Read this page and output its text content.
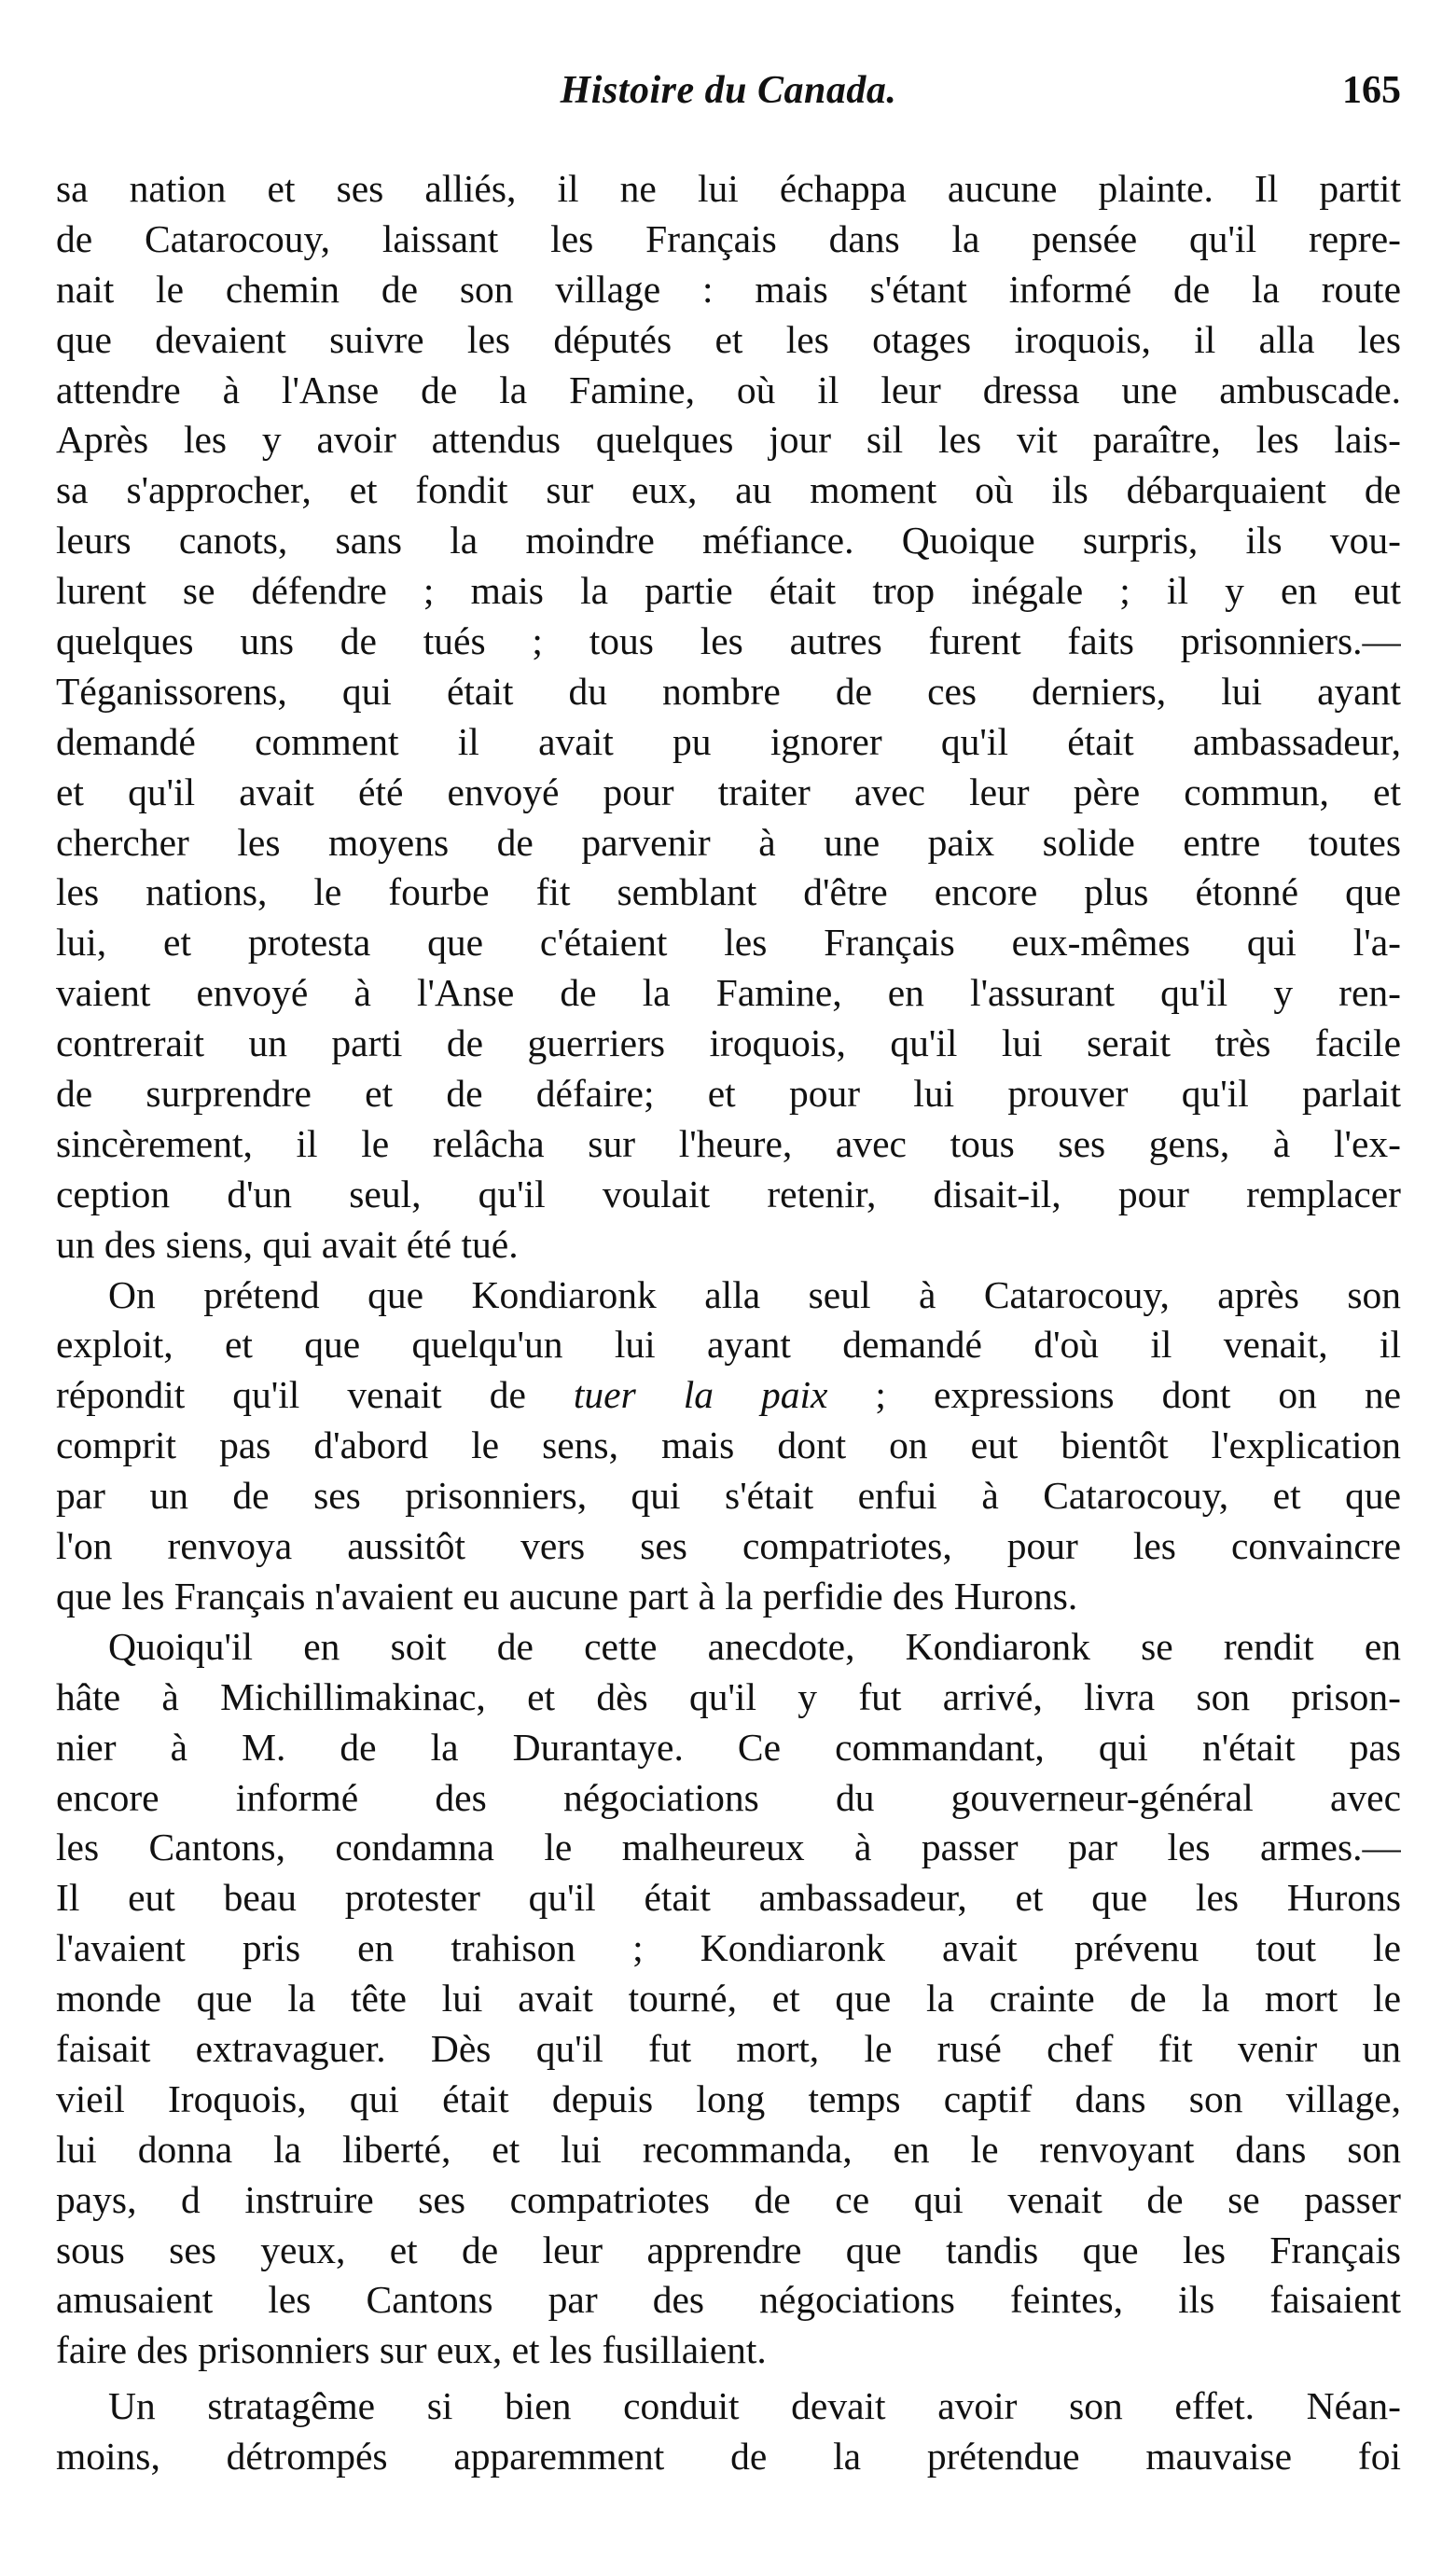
Histoire du Canada.	165
sa nation et ses alliés, il ne lui échappa aucune plainte. Il partit
de Catarocouy, laissant les Français dans la pensée qu'il repre-
nait le chemin de son village : mais s'étant informé de la route
que devaient suivre les députés et les otages iroquois, il alla les
attendre à l'Anse de la Famine, où il leur dressa une ambuscade.
Après les y avoir attendus quelques jour sil les vit paraître, les lais-
sa s'approcher, et fondit sur eux, au moment où ils débarquaient de
leurs canots, sans la moindre méfiance. Quoique surpris, ils vou-
lurent se défendre ; mais la partie était trop inégale ; il y en eut
quelques uns de tués ; tous les autres furent faits prisonniers.—
Téganissorens, qui était du nombre de ces derniers, lui ayant
demandé comment il avait pu ignorer qu'il était ambassadeur,
et qu'il avait été envoyé pour traiter avec leur père commun, et
chercher les moyens de parvenir à une paix solide entre toutes
les nations, le fourbe fit semblant d'être encore plus étonné que
lui, et protesta que c'étaient les Français eux-mêmes qui l'a-
vaient envoyé à l'Anse de la Famine, en l'assurant qu'il y ren-
contrerait un parti de guerriers iroquois, qu'il lui serait très facile
de surprendre et de défaire; et pour lui prouver qu'il parlait
sincèrement, il le relâcha sur l'heure, avec tous ses gens, à l'ex-
ception d'un seul, qu'il voulait retenir, disait-il, pour remplacer
un des siens, qui avait été tué.
On prétend que Kondiaronk alla seul à Catarocouy, après son
exploit, et que quelqu'un lui ayant demandé d'où il venait, il
répondit qu'il venait de tuer la paix ; expressions dont on ne
comprit pas d'abord le sens, mais dont on eut bientôt l'explication
par un de ses prisonniers, qui s'était enfui à Catarocouy, et que
l'on renvoya aussitôt vers ses compatriotes, pour les convaincre
que les Français n'avaient eu aucune part à la perfidie des Hurons.
Quoiqu'il en soit de cette anecdote, Kondiaronk se rendit en
hâte à Michillimakinac, et dès qu'il y fut arrivé, livra son prison-
nier à M. de la Durantaye. Ce commandant, qui n'était pas
encore informé des négociations du gouverneur-général avec
les Cantons, condamna le malheureux à passer par les armes.—
Il eut beau protester qu'il était ambassadeur, et que les Hurons
l'avaient pris en trahison ; Kondiaronk avait prévenu tout le
monde que la tête lui avait tourné, et que la crainte de la mort le
faisait extravaguer. Dès qu'il fut mort, le rusé chef fit venir un
vieil Iroquois, qui était depuis long temps captif dans son village,
lui donna la liberté, et lui recommanda, en le renvoyant dans son
pays, d instruire ses compatriotes de ce qui venait de se passer
sous ses yeux, et de leur apprendre que tandis que les Français
amusaient les Cantons par des négociations feintes, ils faisaient
faire des prisonniers sur eux, et les fusillaient.
Un stratagême si bien conduit devait avoir son effet. Néan-
moins, détrompés apparemment de la prétendue mauvaise foi
